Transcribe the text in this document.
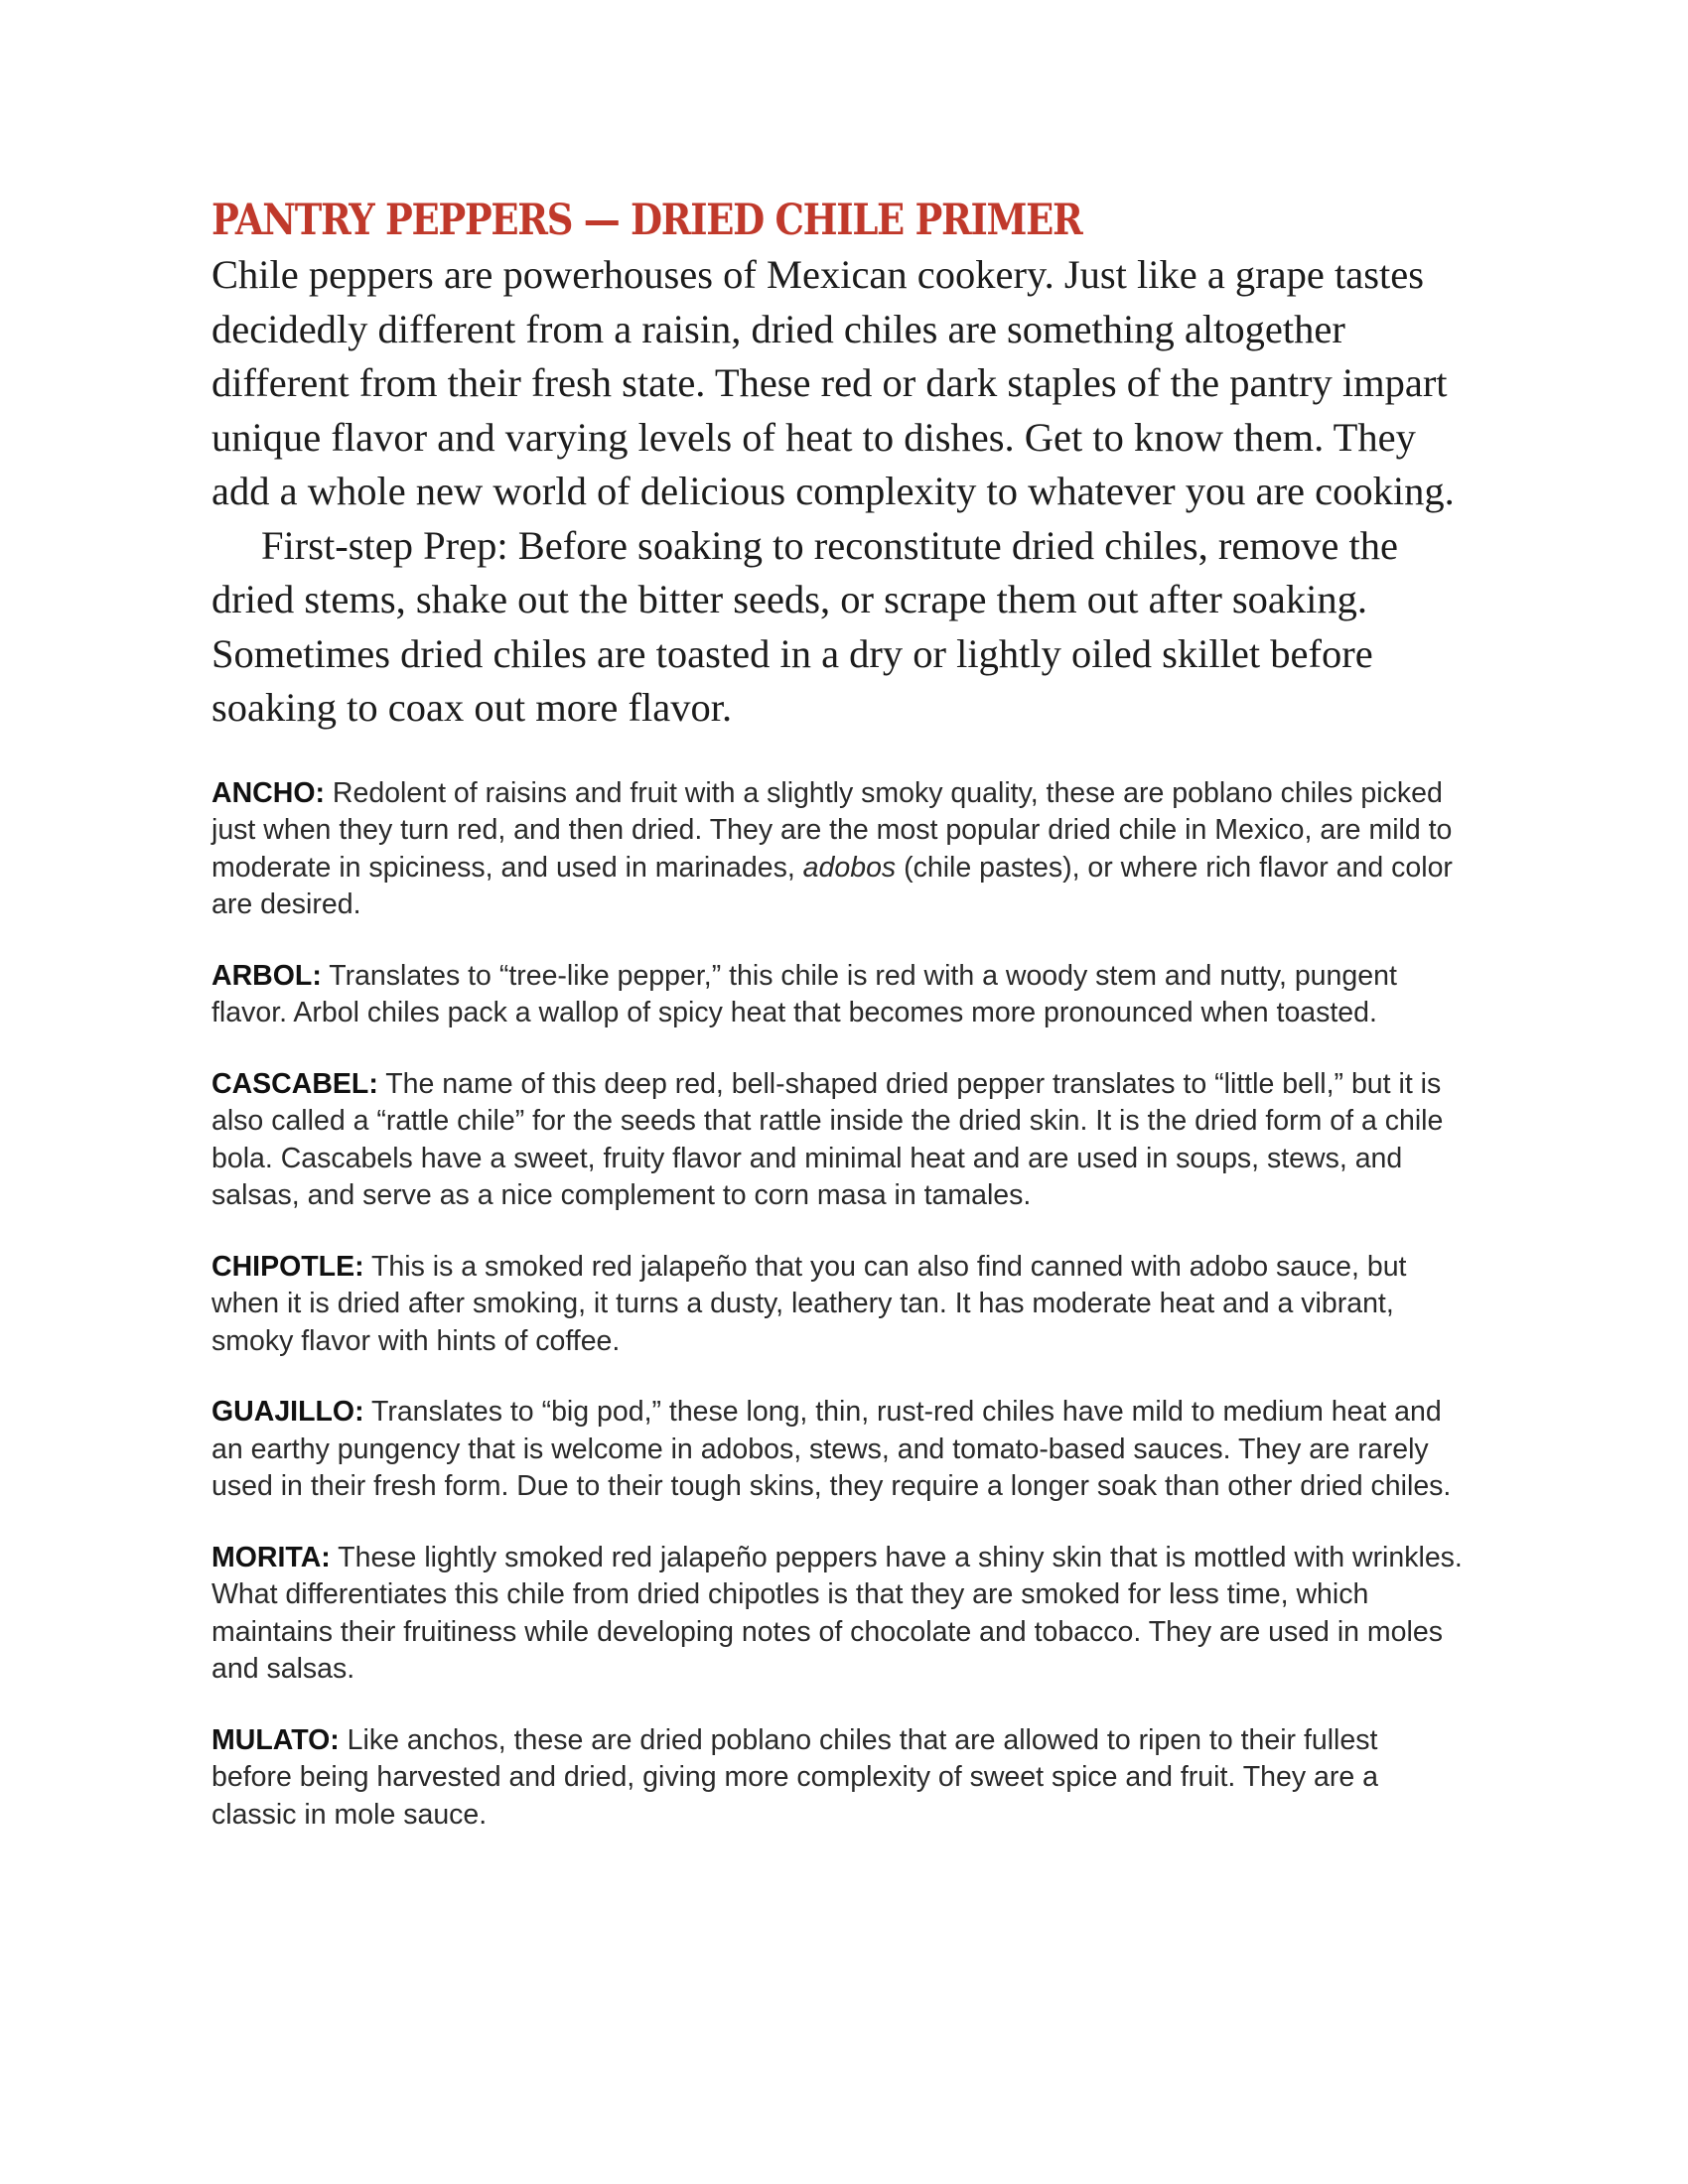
PANTRY PEPPERS — DRIED CHILE PRIMER

Chile peppers are powerhouses of Mexican cookery. Just like a grape tastes decidedly different from a raisin, dried chiles are something altogether different from their fresh state. These red or dark staples of the pantry impart unique flavor and varying levels of heat to dishes. Get to know them. They add a whole new world of delicious complexity to whatever you are cooking.

First-step Prep: Before soaking to reconstitute dried chiles, remove the dried stems, shake out the bitter seeds, or scrape them out after soaking. Sometimes dried chiles are toasted in a dry or lightly oiled skillet before soaking to coax out more flavor.

ANCHO: Redolent of raisins and fruit with a slightly smoky quality, these are poblano chiles picked just when they turn red, and then dried. They are the most popular dried chile in Mexico, are mild to moderate in spiciness, and used in marinades, adobos (chile pastes), or where rich flavor and color are desired.

ARBOL: Translates to “tree-like pepper,” this chile is red with a woody stem and nutty, pungent flavor. Arbol chiles pack a wallop of spicy heat that becomes more pronounced when toasted.

CASCABEL: The name of this deep red, bell-shaped dried pepper translates to “little bell,” but it is also called a “rattle chile” for the seeds that rattle inside the dried skin. It is the dried form of a chile bola. Cascabels have a sweet, fruity flavor and minimal heat and are used in soups, stews, and salsas, and serve as a nice complement to corn masa in tamales.

CHIPOTLE: This is a smoked red jalapeño that you can also find canned with adobo sauce, but when it is dried after smoking, it turns a dusty, leathery tan. It has moderate heat and a vibrant, smoky flavor with hints of coffee.

GUAJILLO: Translates to “big pod,” these long, thin, rust-red chiles have mild to medium heat and an earthy pungency that is welcome in adobos, stews, and tomato-based sauces. They are rarely used in their fresh form. Due to their tough skins, they require a longer soak than other dried chiles.

MORITA: These lightly smoked red jalapeño peppers have a shiny skin that is mottled with wrinkles. What differentiates this chile from dried chipotles is that they are smoked for less time, which maintains their fruitiness while developing notes of chocolate and tobacco. They are used in moles and salsas.

MULATO: Like anchos, these are dried poblano chiles that are allowed to ripen to their fullest before being harvested and dried, giving more complexity of sweet spice and fruit. They are a classic in mole sauce.
